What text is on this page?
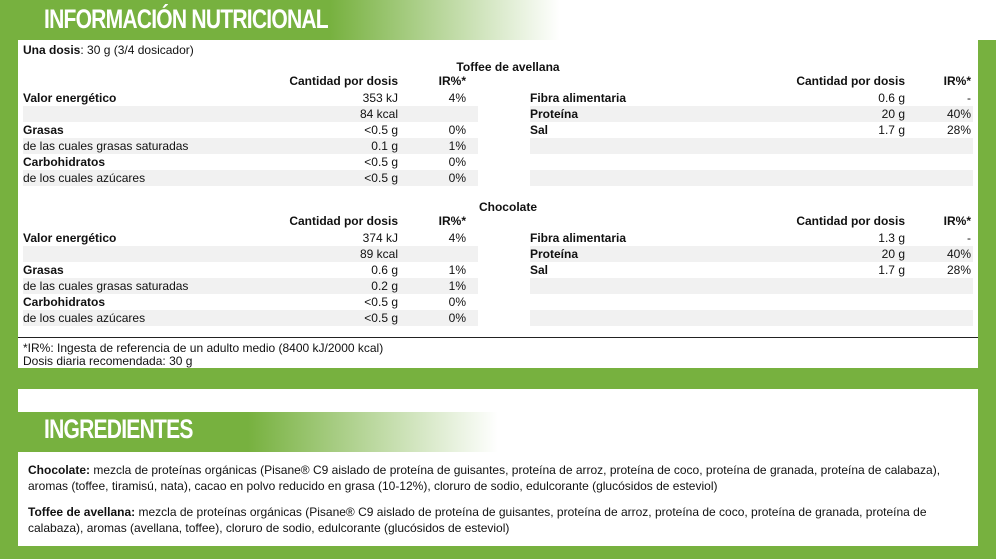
INFORMACIÓN NUTRICIONAL
Una dosis: 30 g (3/4 dosicador)
Toffee de avellana
Cantidad por dosis	IR%*	Cantidad por dosis	IR%*
Valor energético	353 kJ	4%
84 kcal
Grasas	<0.5 g	0%
de las cuales grasas saturadas	0.1 g	1%
Carbohidratos	<0.5 g	0%
de los cuales azúcares	<0.5 g	0%
Fibra alimentaria	0.6 g	-
Proteína	20 g	40%
Sal	1.7 g	28%
Chocolate
Cantidad por dosis	IR%*	Cantidad por dosis	IR%*
Valor energético	374 kJ	4%
89 kcal
Grasas	0.6 g	1%
de las cuales grasas saturadas	0.2 g	1%
Carbohidratos	<0.5 g	0%
de los cuales azúcares	<0.5 g	0%
Fibra alimentaria	1.3 g	-
Proteína	20 g	40%
Sal	1.7 g	28%
*IR%: Ingesta de referencia de un adulto medio (8400 kJ/2000 kcal)
Dosis diaria recomendada: 30 g
INGREDIENTES
Chocolate: mezcla de proteínas orgánicas (Pisane® C9 aislado de proteína de guisantes, proteína de arroz, proteína de coco, proteína de granada, proteína de calabaza), aromas (toffee, tiramisú, nata), cacao en polvo reducido en grasa (10-12%), cloruro de sodio, edulcorante (glucósidos de esteviol)
Toffee de avellana: mezcla de proteínas orgánicas (Pisane® C9 aislado de proteína de guisantes, proteína de arroz, proteína de coco, proteína de granada, proteína de calabaza), aromas (avellana, toffee), cloruro de sodio, edulcorante (glucósidos de esteviol)
